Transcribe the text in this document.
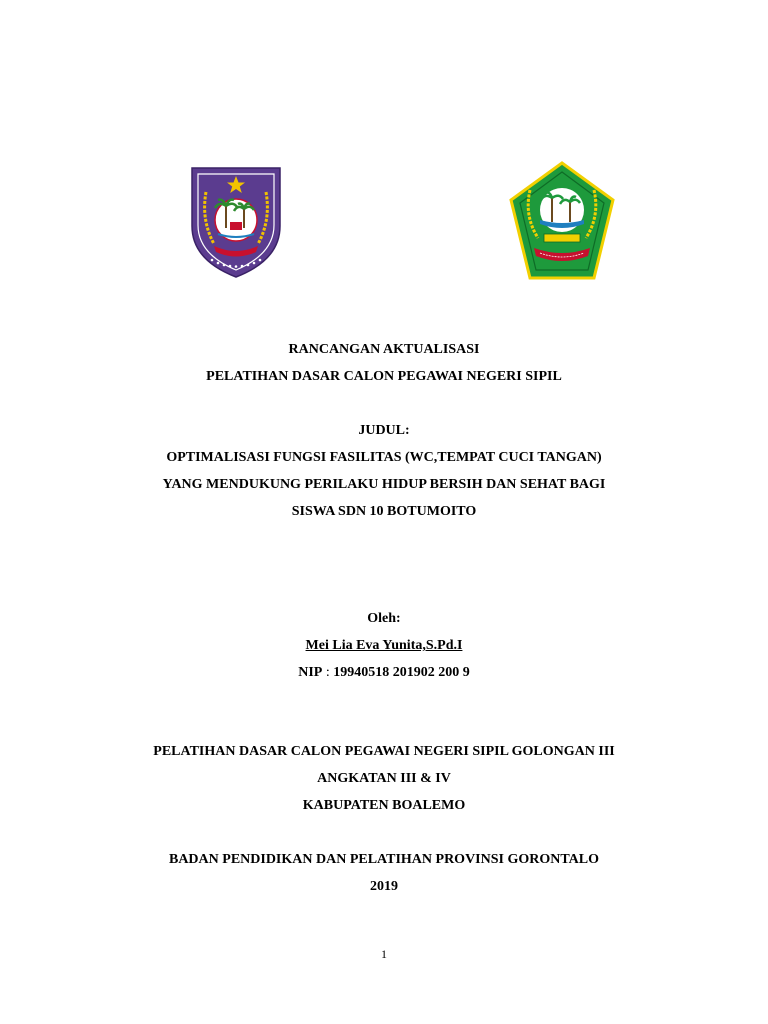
RANCANGAN AKTUALISASI
PELATIHAN DASAR CALON PEGAWAI NEGERI SIPIL
JUDUL:
OPTIMALISASI FUNGSI FASILITAS (WC,TEMPAT CUCI TANGAN)
YANG MENDUKUNG PERILAKU HIDUP BERSIH DAN SEHAT BAGI
SISWA SDN 10 BOTUMOITO
Oleh:
Mei Lia Eva Yunita,S.Pd.I
NIP : 19940518 201902 200 9
PELATIHAN DASAR CALON PEGAWAI NEGERI SIPIL GOLONGAN III
ANGKATAN III & IV
KABUPATEN BOALEMO
BADAN PENDIDIKAN DAN PELATIHAN PROVINSI GORONTALO
2019
1
